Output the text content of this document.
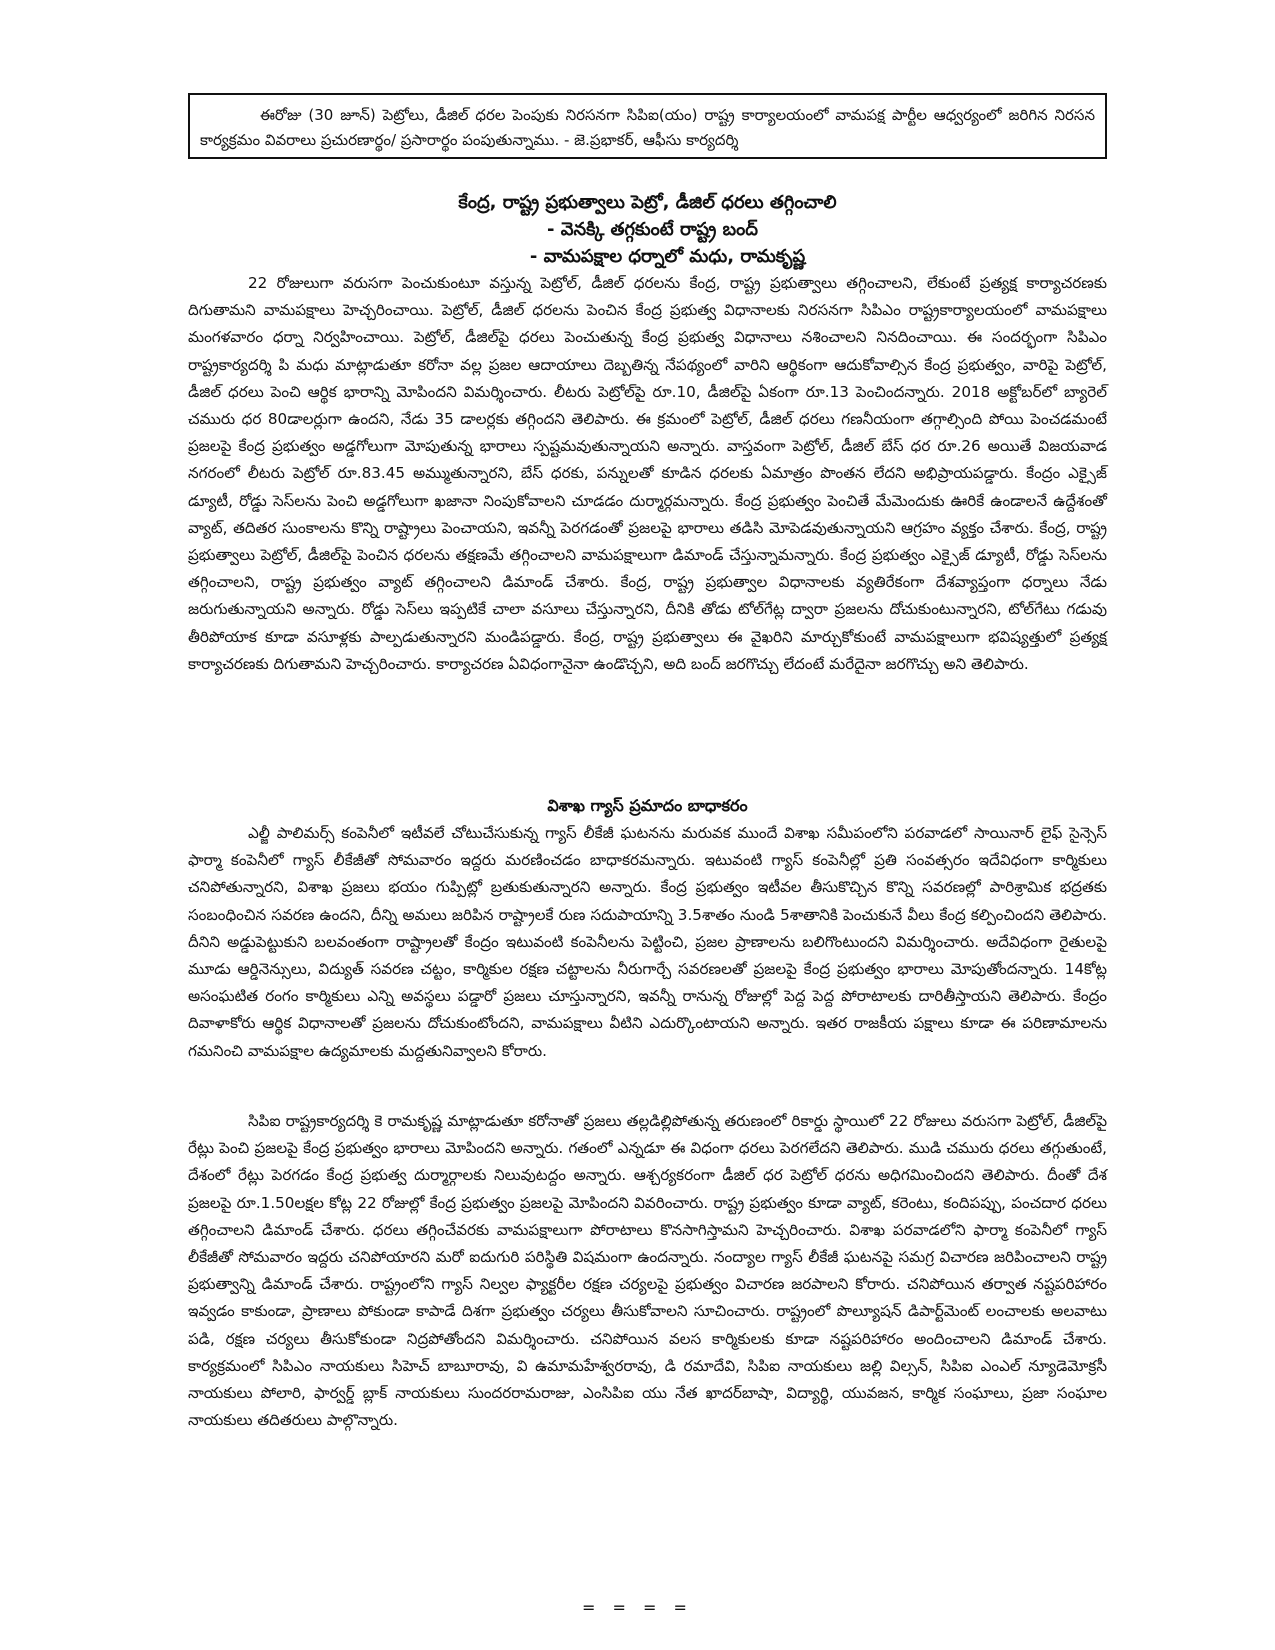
ఈరోజు (30 జూన్) పెట్రోలు, డీజిల్ ధరల పెంపుకు నిరసనగా సిపిఐ(యం) రాష్ట్ర కార్యాలయంలో వామపక్ష పార్టీల ఆధ్వర్యంలో జరిగిన నిరసన కార్యక్రమం వివరాలు ప్రచురణార్థం/ ప్రసారార్థం పంపుతున్నాము. - జె.ప్రభాకర్, ఆఫీసు కార్యదర్శి
కేంద్ర, రాష్ట్ర ప్రభుత్వాలు పెట్రో, డీజిల్ ధరలు తగ్గించాలి
- వెనక్కి తగ్గకుంటే రాష్ట్ర బంద్
- వామపక్షాల ధర్నాలో మధు, రామకృష్ణ

22 రోజులుగా వరుసగా పెంచుకుంటూ వస్తున్న పెట్రోల్, డీజిల్ ధరలను కేంద్ర, రాష్ట్ర ప్రభుత్వాలు తగ్గించాలని, లేకుంటే ప్రత్యక్ష కార్యాచరణకు దిగుతామని వామపక్షాలు హెచ్చరించాయి. పెట్రోల్, డీజిల్ ధరలను పెంచిన కేంద్ర ప్రభుత్వ విధానాలకు నిరసనగా సిపిఎం రాష్ట్రకార్యాలయంలో వామపక్షాలు మంగళవారం ధర్నా నిర్వహించాయి. పెట్రోల్, డీజిల్‌పై ధరలు పెంచుతున్న కేంద్ర ప్రభుత్వ విధానాలు నశించాలని నినదించాయి. ఈ సందర్భంగా సిపిఎం రాష్ట్రకార్యదర్శి పి మధు మాట్లాడుతూ కరోనా వల్ల ప్రజల ఆదాయాలు దెబ్బతిన్న నేపథ్యంలో వారిని ఆర్థికంగా ఆదుకోవాల్సిన కేంద్ర ప్రభుత్వం, వారిపై పెట్రోల్, డీజిల్ ధరలు పెంచి ఆర్థిక భారాన్ని మోపిందని విమర్శించారు. లీటరు పెట్రోల్‌పై రూ.10, డీజిల్‌పై ఏకంగా రూ.13 పెంచిందన్నారు. 2018 అక్టోబర్‌లో బ్యారెల్ చమురు ధర 80డాలర్లుగా ఉందని, నేడు 35 డాలర్లకు తగ్గిందని తెలిపారు. ఈ క్రమంలో పెట్రోల్, డీజిల్ ధరలు గణనీయంగా తగ్గాల్సింది పోయి పెంచడమంటే ప్రజలపై కేంద్ర ప్రభుత్వం అడ్డగోలుగా మోపుతున్న భారాలు స్పష్టమవుతున్నాయని అన్నారు. వాస్తవంగా పెట్రోల్, డీజిల్ బేస్ ధర రూ.26 అయితే విజయవాడ నగరంలో లీటరు పెట్రోల్ రూ.83.45 అమ్ముతున్నారని, బేస్ ధరకు, పన్నులతో కూడిన ధరలకు ఏమాత్రం పొంతన లేదని అభిప్రాయపడ్డారు. కేంద్రం ఎక్సైజ్ డ్యూటీ, రోడ్డు సెస్‌లను పెంచి అడ్డగోలుగా ఖజానా నింపుకోవాలని చూడడం దుర్మార్గమన్నారు. కేంద్ర ప్రభుత్వం పెంచితే మేమెందుకు ఊరికే ఉండాలనే ఉద్దేశంతో వ్యాట్, తదితర సుంకాలను కొన్ని రాష్ట్రాలు పెంచాయని, ఇవన్నీ పెరగడంతో ప్రజలపై భారాలు తడిసి మోపెడవుతున్నాయని ఆగ్రహం వ్యక్తం చేశారు. కేంద్ర, రాష్ట్ర ప్రభుత్వాలు పెట్రోల్, డీజిల్‌పై పెంచిన ధరలను తక్షణమే తగ్గించాలని వామపక్షాలుగా డిమాండ్ చేస్తున్నామన్నారు. కేంద్ర ప్రభుత్వం ఎక్సైజ్ డ్యూటీ, రోడ్డు సెస్‌లను తగ్గించాలని, రాష్ట్ర ప్రభుత్వం వ్యాట్ తగ్గించాలని డిమాండ్ చేశారు. కేంద్ర, రాష్ట్ర ప్రభుత్వాల విధానాలకు వ్యతిరేకంగా దేశవ్యాప్తంగా ధర్నాలు నేడు జరుగుతున్నాయని అన్నారు. రోడ్డు సెస్‌లు ఇప్పటికే చాలా వసూలు చేస్తున్నారని, దీనికి తోడు టోల్‌గేట్ల ద్వారా ప్రజలను దోచుకుంటున్నారని, టోల్‌గేటు గడువు తీరిపోయాక కూడా వసూళ్లకు పాల్పడుతున్నారని మండిపడ్డారు. కేంద్ర, రాష్ట్ర ప్రభుత్వాలు ఈ వైఖరిని మార్చుకోకుంటే వామపక్షాలుగా భవిష్యత్తులో ప్రత్యక్ష కార్యాచరణకు దిగుతామని హెచ్చరించారు. కార్యాచరణ ఏవిధంగానైనా ఉండొచ్చని, అది బంద్ జరగొచ్చు లేదంటే మరేదైనా జరగొచ్చు అని తెలిపారు.

విశాఖ గ్యాస్ ప్రమాదం బాధాకరం

ఎల్జీ పాలిమర్స్ కంపెనీలో ఇటీవలే చోటుచేసుకున్న గ్యాస్ లీకేజీ ఘటనను మరువక ముందే విశాఖ సమీపంలోని పరవాడలో సాయినార్ లైఫ్ సైన్సెస్ ఫార్మా కంపెనీలో గ్యాస్ లీకేజీతో సోమవారం ఇద్దరు మరణించడం బాధాకరమన్నారు. ఇటువంటి గ్యాస్ కంపెనీల్లో ప్రతి సంవత్సరం ఇదేవిధంగా కార్మికులు చనిపోతున్నారని, విశాఖ ప్రజలు భయం గుప్పిట్లో బ్రతుకుతున్నారని అన్నారు. కేంద్ర ప్రభుత్వం ఇటీవల తీసుకొచ్చిన కొన్ని సవరణల్లో పారిశ్రామిక భద్రతకు సంబంధించిన సవరణ ఉందని, దీన్ని అమలు జరిపిన రాష్ట్రాలకే రుణ సదుపాయాన్ని 3.5శాతం నుండి 5శాతానికి పెంచుకునే వీలు కేంద్ర కల్పించిందని తెలిపారు. దీనిని అడ్డుపెట్టుకుని బలవంతంగా రాష్ట్రాలతో కేంద్రం ఇటువంటి కంపెనీలను పెట్టించి, ప్రజల ప్రాణాలను బలిగొంటుందని విమర్శించారు. అదేవిధంగా రైతులపై మూడు ఆర్డినెన్సులు, విద్యుత్ సవరణ చట్టం, కార్మికుల రక్షణ చట్టాలను నీరుగార్చే సవరణలతో ప్రజలపై కేంద్ర ప్రభుత్వం భారాలు మోపుతోందన్నారు. 14కోట్ల అసంఘటిత రంగం కార్మికులు ఎన్ని అవస్థలు పడ్డారో ప్రజలు చూస్తున్నారని, ఇవన్నీ రానున్న రోజుల్లో పెద్ద పెద్ద పోరాటాలకు దారితీస్తాయని తెలిపారు. కేంద్రం దివాళాకోరు ఆర్థిక విధానాలతో ప్రజలను దోచుకుంటోందని, వామపక్షాలు వీటిని ఎదుర్కొంటాయని అన్నారు. ఇతర రాజకీయ పక్షాలు కూడా ఈ పరిణామాలను గమనించి వామపక్షాల ఉద్యమాలకు మద్దతునివ్వాలని కోరారు.

సిపిఐ రాష్ట్రకార్యదర్శి కె రామకృష్ణ మాట్లాడుతూ కరోనాతో ప్రజలు తల్లడిల్లిపోతున్న తరుణంలో రికార్డు స్థాయిలో 22 రోజులు వరుసగా పెట్రోల్, డీజిల్‌పై రేట్లు పెంచి ప్రజలపై కేంద్ర ప్రభుత్వం భారాలు మోపిందని అన్నారు. గతంలో ఎన్నడూ ఈ విధంగా ధరలు పెరగలేదని తెలిపారు. ముడి చమురు ధరలు తగ్గుతుంటే, దేశంలో రేట్లు పెరగడం కేంద్ర ప్రభుత్వ దుర్మార్గాలకు నిలువుటద్దం అన్నారు. ఆశ్చర్యకరంగా డీజిల్ ధర పెట్రోల్ ధరను అధిగమించిందని తెలిపారు. దీంతో దేశ ప్రజలపై రూ.1.50లక్షల కోట్ల 22 రోజుల్లో కేంద్ర ప్రభుత్వం ప్రజలపై మోపిందని వివరించారు. రాష్ట్ర ప్రభుత్వం కూడా వ్యాట్, కరెంటు, కందిపప్పు, పంచదార ధరలు తగ్గించాలని డిమాండ్ చేశారు. ధరలు తగ్గించేవరకు వామపక్షాలుగా పోరాటాలు కొనసాగిస్తామని హెచ్చరించారు. విశాఖ పరవాడలోని ఫార్మా కంపెనీలో గ్యాస్ లీకేజీతో సోమవారం ఇద్దరు చనిపోయారని మరో ఐదుగురి పరిస్థితి విషమంగా ఉందన్నారు. నంద్యాల గ్యాస్ లీకేజీ ఘటనపై సమగ్ర విచారణ జరిపించాలని రాష్ట్ర ప్రభుత్వాన్ని డిమాండ్ చేశారు. రాష్ట్రంలోని గ్యాస్ నిల్వల ఫ్యాక్టరీల రక్షణ చర్యలపై ప్రభుత్వం విచారణ జరపాలని కోరారు. చనిపోయిన తర్వాత నష్టపరిహారం ఇవ్వడం కాకుండా, ప్రాణాలు పోకుండా కాపాడే దిశగా ప్రభుత్వం చర్యలు తీసుకోవాలని సూచించారు. రాష్ట్రంలో పొల్యూషన్ డిపార్ట్‌మెంట్ లంచాలకు అలవాటు పడి, రక్షణ చర్యలు తీసుకోకుండా నిద్రపోతోందని విమర్శించారు. చనిపోయిన వలస కార్మికులకు కూడా నష్టపరిహారం అందించాలని డిమాండ్ చేశారు. కార్యక్రమంలో సిపిఎం నాయకులు సిహెచ్ బాబూరావు, వి ఉమామహేశ్వరరావు, డి రమాదేవి, సిపిఐ నాయకులు జల్లి విల్సన్, సిపిఐ ఎంఎల్ న్యూడెమోక్రసీ నాయకులు పోలారి, ఫార్వర్డ్ బ్లాక్ నాయకులు సుందరరామరాజు, ఎంసిపిఐ యు నేత ఖాదర్‌బాషా, విద్యార్థి, యువజన, కార్మిక సంఘాలు, ప్రజా సంఘాల నాయకులు తదితరులు పాల్గొన్నారు.

= = = =
